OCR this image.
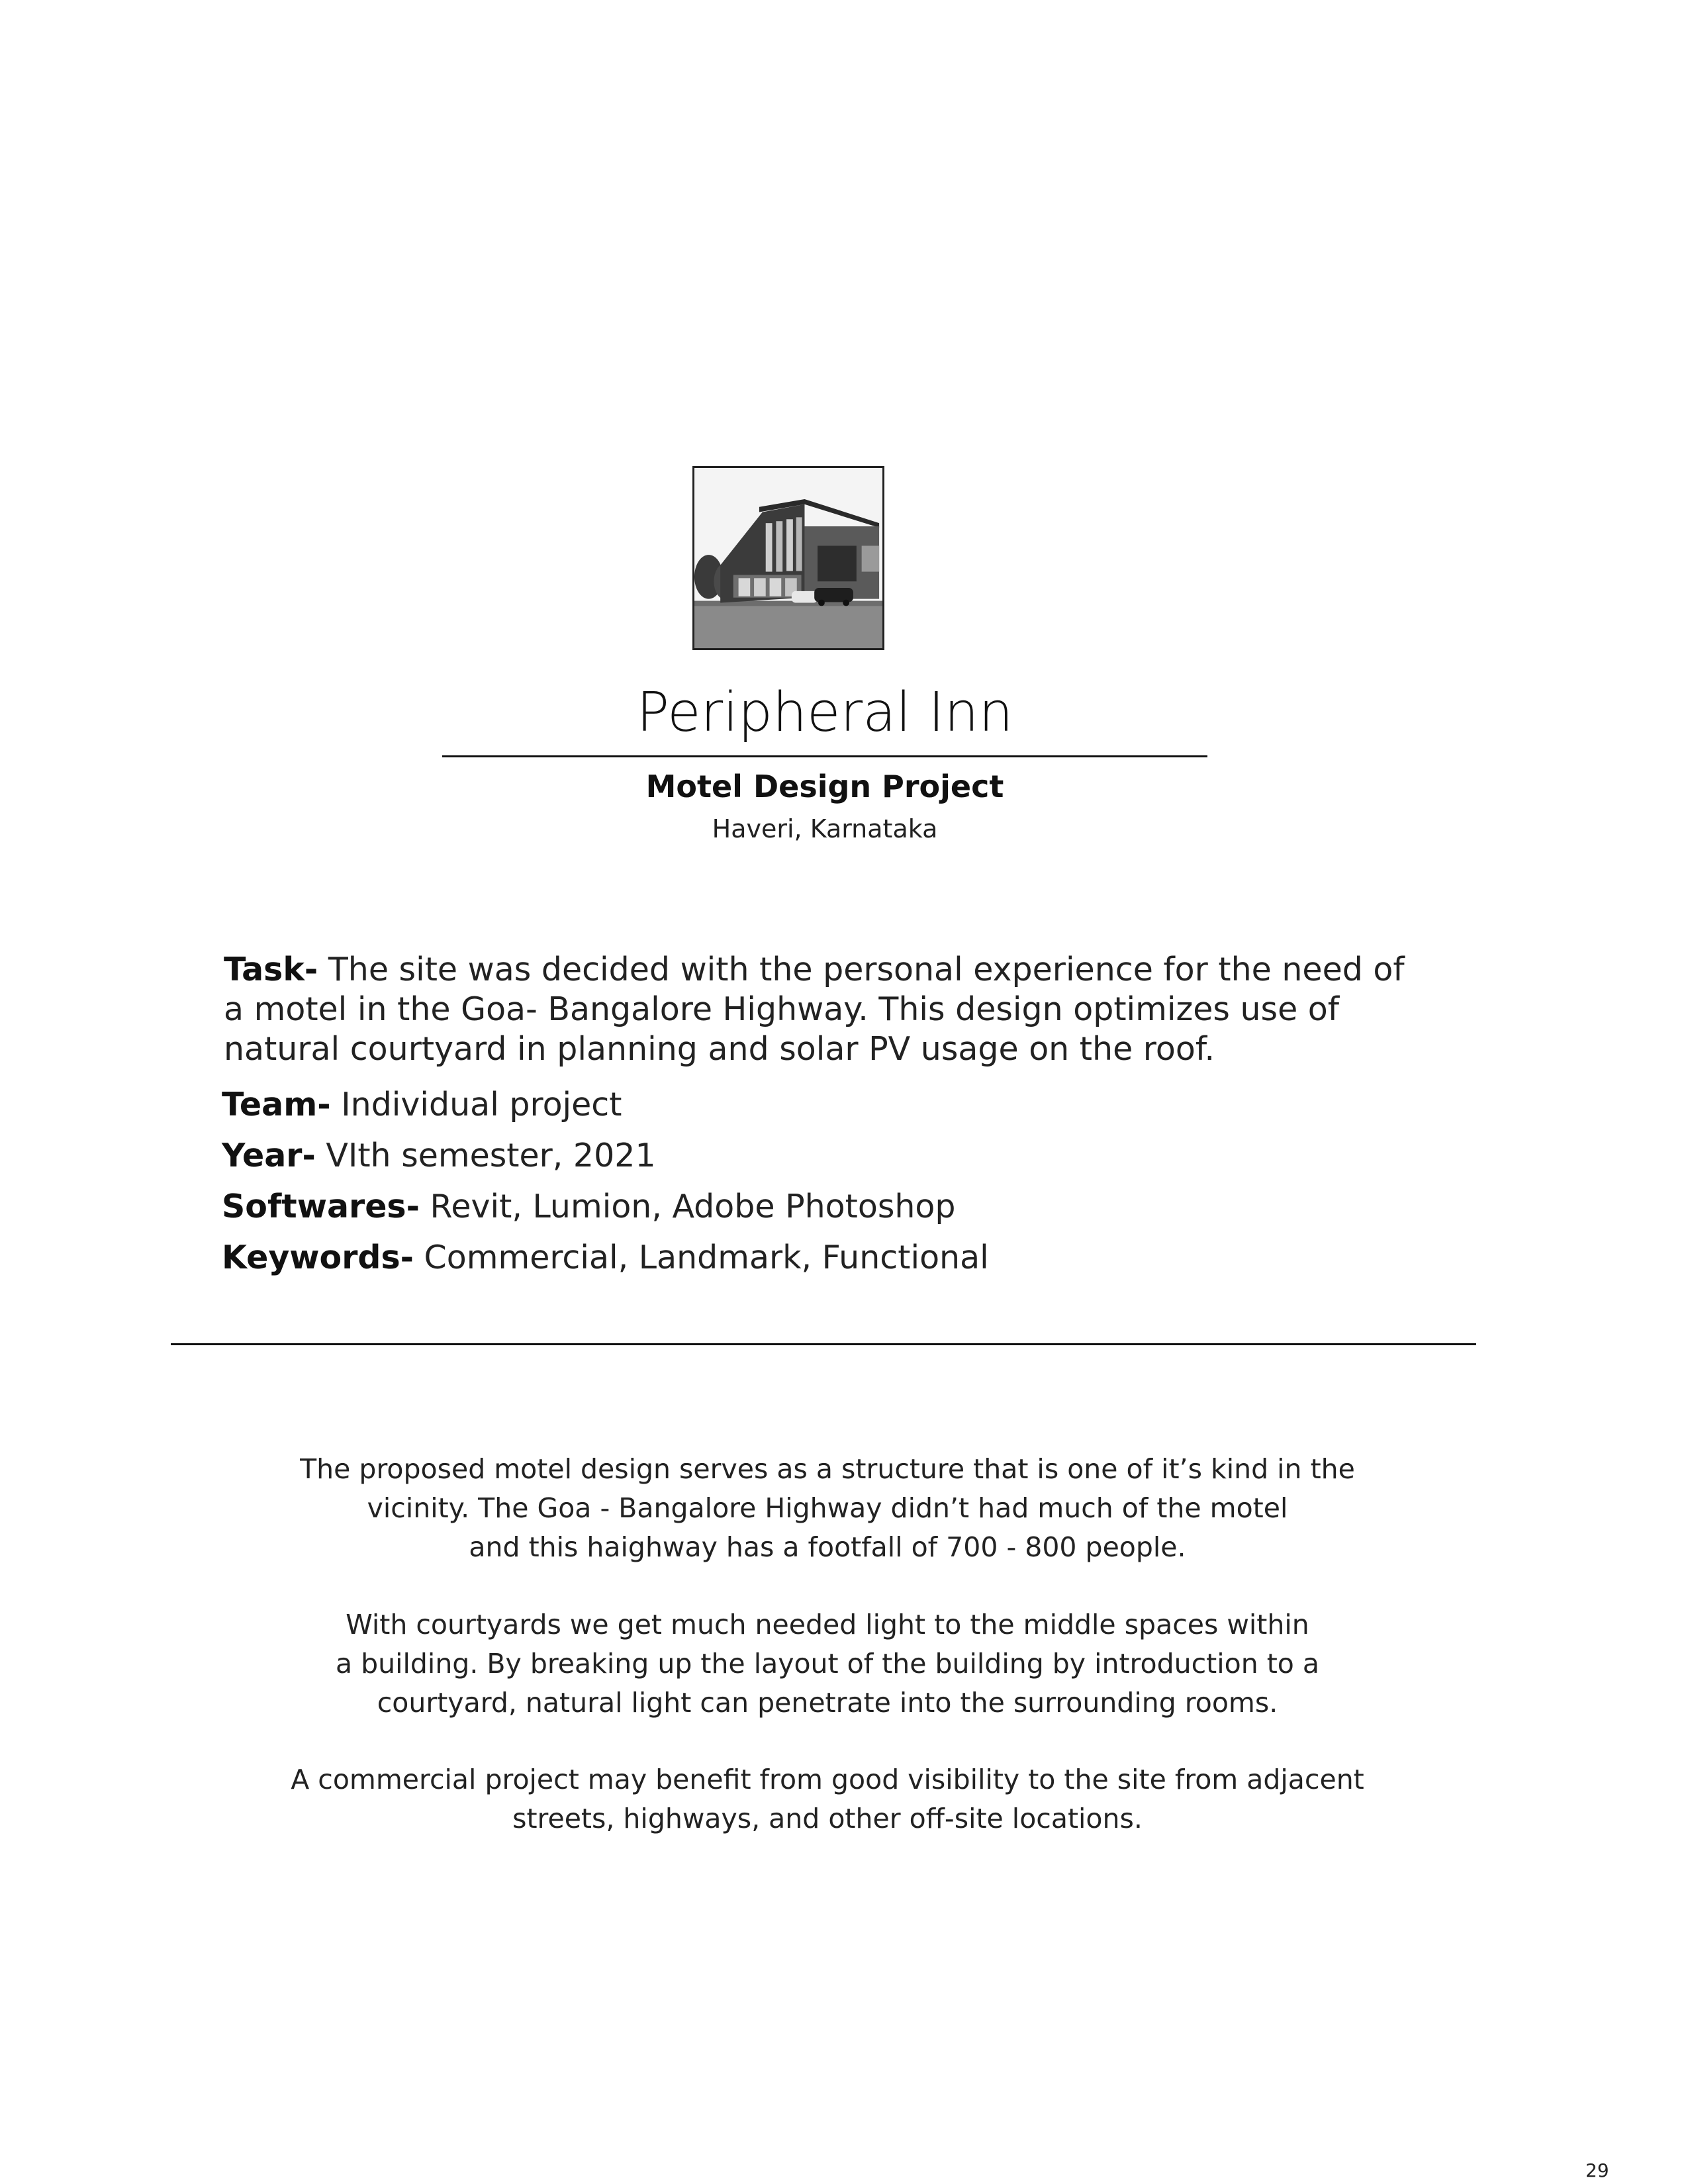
Peripheral Inn
Motel Design Project
Haveri, Karnataka
Task- The site was decided with the personal experience for the need of
a motel in the Goa- Bangalore Highway. This design optimizes use of
natural courtyard in planning and solar PV usage on the roof.
Team- Individual project
Year- VIth semester, 2021
Softwares- Revit, Lumion, Adobe Photoshop
Keywords- Commercial, Landmark, Functional
The proposed motel design serves as a structure that is one of it’s kind in the
vicinity. The Goa - Bangalore Highway didn’t had much of the motel
and this haighway has a footfall of 700 - 800 people.
With courtyards we get much needed light to the middle spaces within
a building. By breaking up the layout of the building by introduction to a
courtyard, natural light can penetrate into the surrounding rooms.
A commercial project may benefit from good visibility to the site from adjacent
streets, highways, and other off-site locations.
29
